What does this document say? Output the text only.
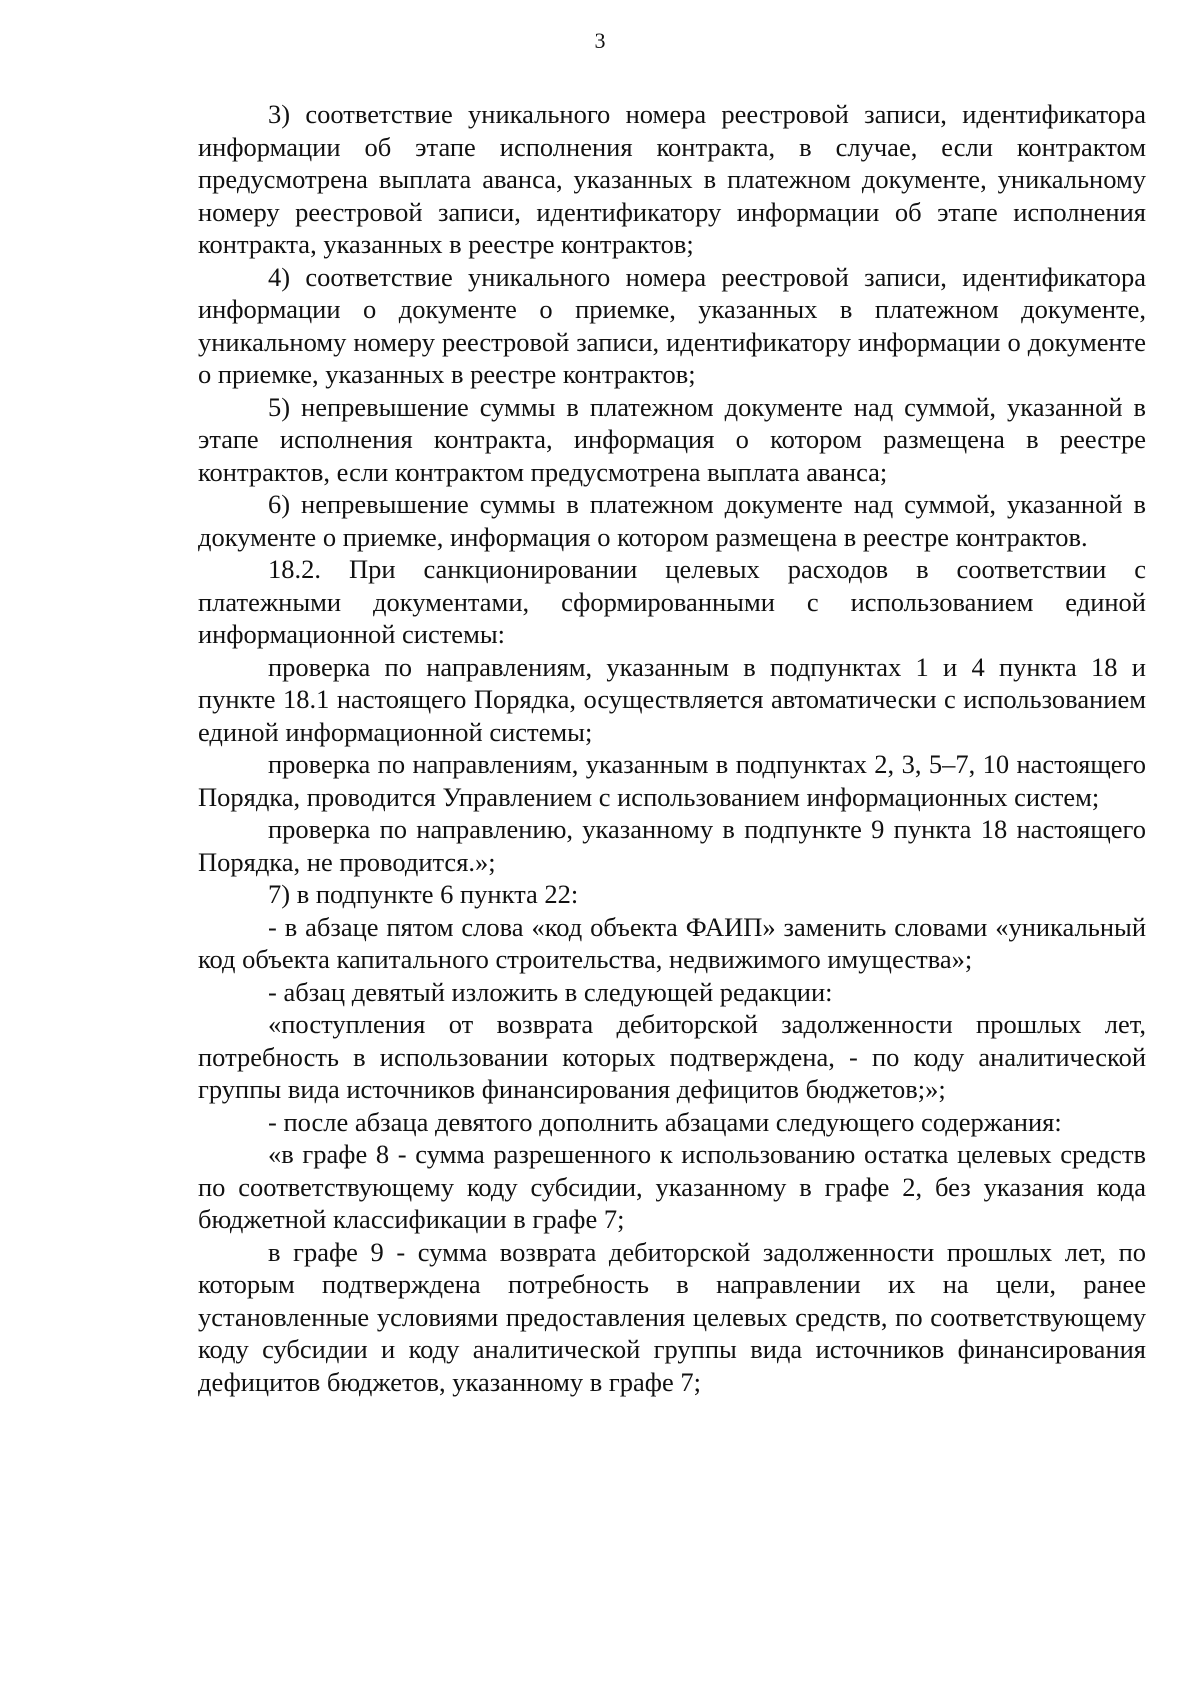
3

3) соответствие уникального номера реестровой записи, идентификатора информации об этапе исполнения контракта, в случае, если контрактом предусмотрена выплата аванса, указанных в платежном документе, уникальному номеру реестровой записи, идентификатору информации об этапе исполнения контракта, указанных в реестре контрактов;

4) соответствие уникального номера реестровой записи, идентификатора информации о документе о приемке, указанных в платежном документе, уникальному номеру реестровой записи, идентификатору информации о документе о приемке, указанных в реестре контрактов;

5) непревышение суммы в платежном документе над суммой, указанной в этапе исполнения контракта, информация о котором размещена в реестре контрактов, если контрактом предусмотрена выплата аванса;

6) непревышение суммы в платежном документе над суммой, указанной в документе о приемке, информация о котором размещена в реестре контрактов.

18.2. При санкционировании целевых расходов в соответствии с платежными документами, сформированными с использованием единой информационной системы:

проверка по направлениям, указанным в подпунктах 1 и 4 пункта 18 и пункте 18.1 настоящего Порядка, осуществляется автоматически с использованием единой информационной системы;

проверка по направлениям, указанным в подпунктах 2, 3, 5–7, 10 настоящего Порядка, проводится Управлением с использованием информационных систем;

проверка по направлению, указанному в подпункте 9 пункта 18 настоящего Порядка, не проводится.»;

7) в подпункте 6 пункта 22:

- в абзаце пятом слова «код объекта ФАИП» заменить словами «уникальный код объекта капитального строительства, недвижимого имущества»;

- абзац девятый изложить в следующей редакции:

«поступления от возврата дебиторской задолженности прошлых лет, потребность в использовании которых подтверждена, - по коду аналитической группы вида источников финансирования дефицитов бюджетов;»;

- после абзаца девятого дополнить абзацами следующего содержания:

«в графе 8 - сумма разрешенного к использованию остатка целевых средств по соответствующему коду субсидии, указанному в графе 2, без указания кода бюджетной классификации в графе 7;

в графе 9 - сумма возврата дебиторской задолженности прошлых лет, по которым подтверждена потребность в направлении их на цели, ранее установленные условиями предоставления целевых средств, по соответствующему коду субсидии и коду аналитической группы вида источников финансирования дефицитов бюджетов, указанному в графе 7;
